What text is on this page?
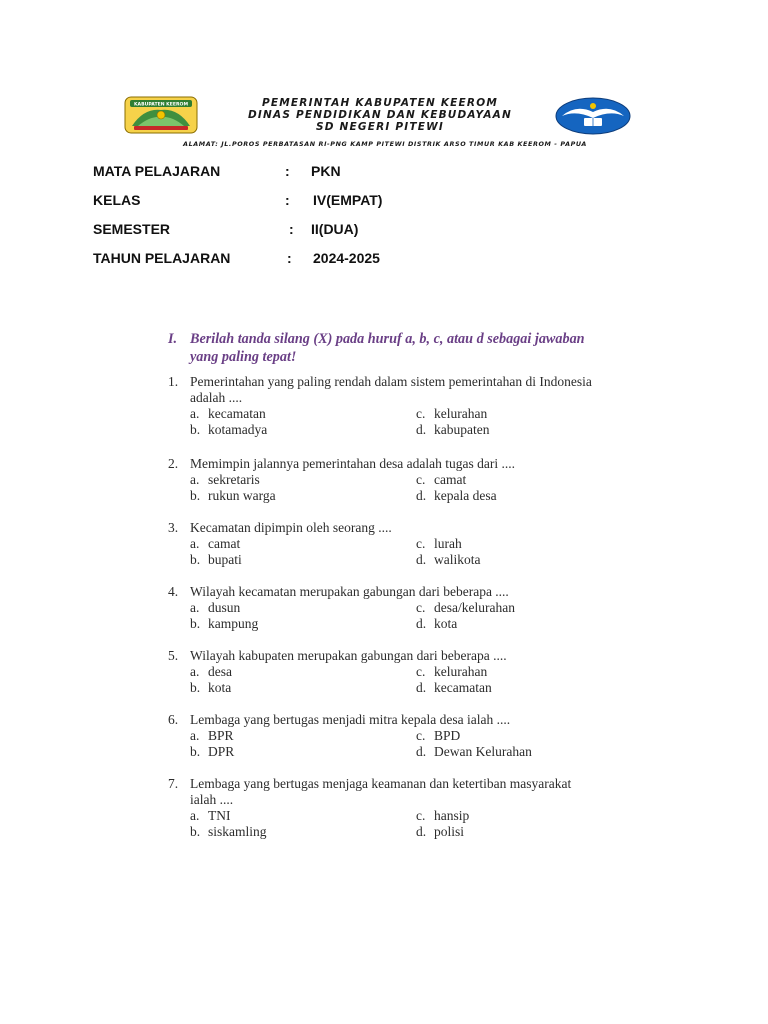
KABUPATEN KEEROM	PEMERINTAH KABUPATEN KEEROM
DINAS PENDIDIKAN DAN KEBUDAYAAN
SD NEGERI PITEWI
ALAMAT: JL.POROS PERBATASAN RI-PNG KAMP PITEWI DISTRIK ARSO TIMUR KAB KEEROM - PAPUA
MATA PELAJARAN	: PKN
KELAS	: IV(EMPAT)
SEMESTER	: II(DUA)
TAHUN PELAJARAN	: 2024-2025
I. Berilah tanda silang (X) pada huruf a, b, c, atau d sebagai jawaban yang paling tepat!
1. Pemerintahan yang paling rendah dalam sistem pemerintahan di Indonesia adalah ....
a. kecamatan
b. kotamadya
c. kelurahan
d. kabupaten
2. Memimpin jalannya pemerintahan desa adalah tugas dari ....
a. sekretaris
b. rukun warga
c. camat
d. kepala desa
3. Kecamatan dipimpin oleh seorang ....
a. camat
b. bupati
c. lurah
d. walikota
4. Wilayah kecamatan merupakan gabungan dari beberapa ....
a. dusun
b. kampung
c. desa/kelurahan
d. kota
5. Wilayah kabupaten merupakan gabungan dari beberapa ....
a. desa
b. kota
c. kelurahan
d. kecamatan
6. Lembaga yang bertugas menjadi mitra kepala desa ialah ....
a. BPR
b. DPR
c. BPD
d. Dewan Kelurahan
7. Lembaga yang bertugas menjaga keamanan dan ketertiban masyarakat ialah ....
a. TNI
b. siskamling
c. hansip
d. polisi
